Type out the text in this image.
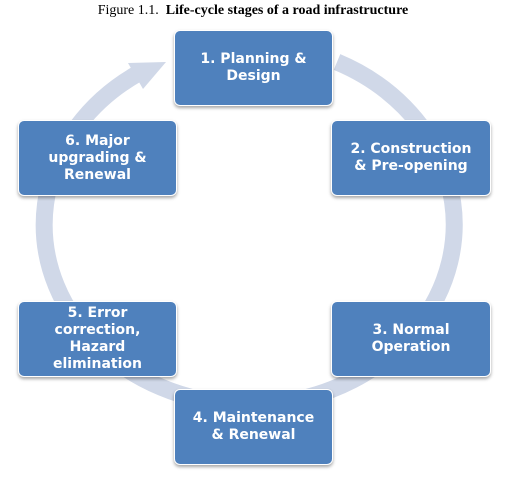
Figure 1.1. Life-cycle stages of a road infrastructure
1. Planning &
Design
2. Construction
& Pre-opening
3. Normal
Operation
4. Maintenance
& Renewal
5. Error
correction,
Hazard
elimination
6. Major
upgrading &
Renewal
